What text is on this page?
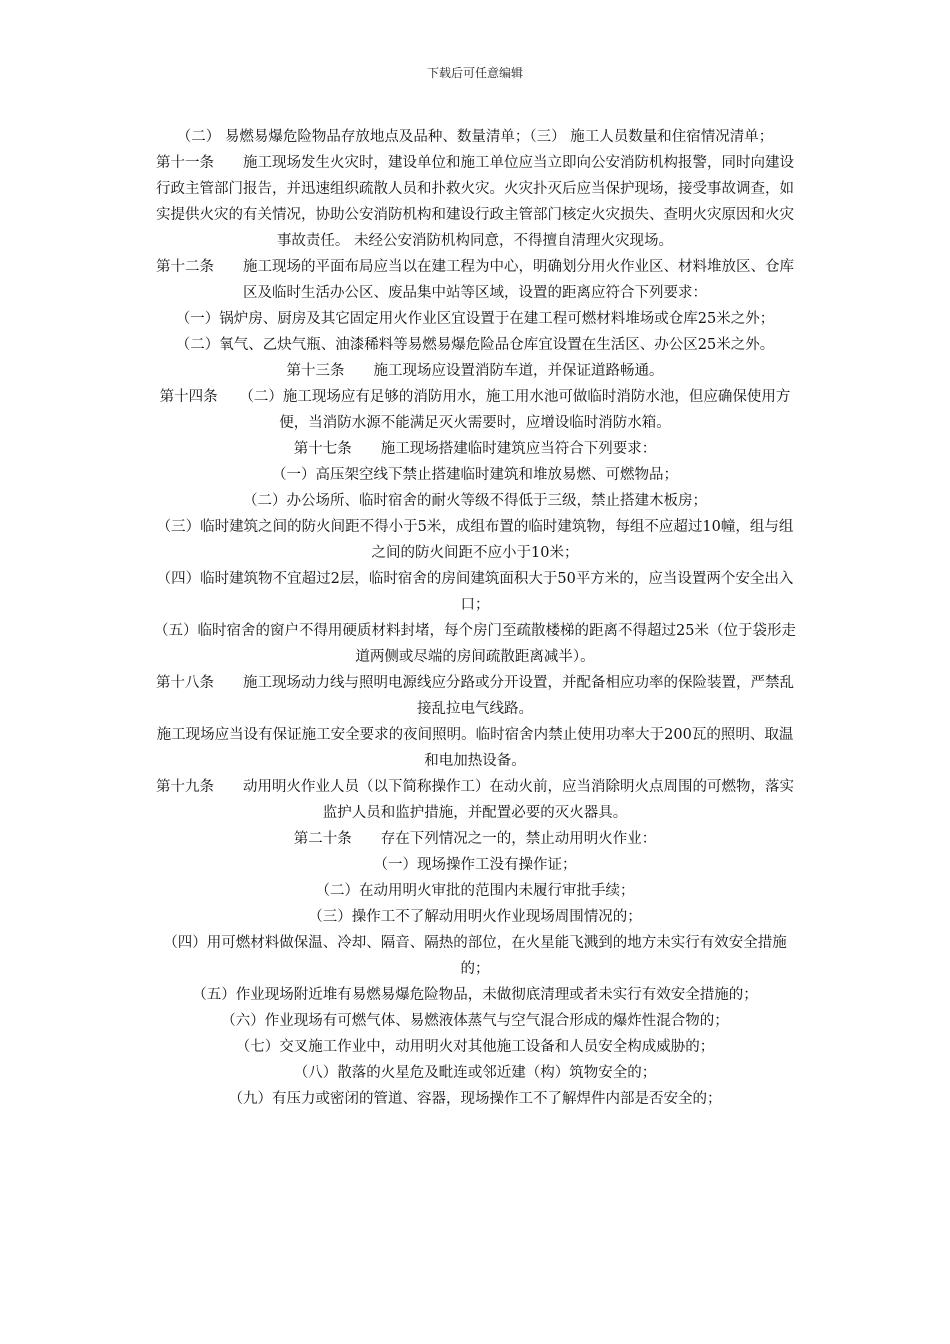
下载后可任意编辑

（二） 易燃易爆危险物品存放地点及品种、数量清单；（三） 施工人员数量和住宿情况清单；

第十一条　　施工现场发生火灾时，建设单位和施工单位应当立即向公安消防机构报警，同时向建设行政主管部门报告，并迅速组织疏散人员和扑救火灾。火灾扑灭后应当保护现场，接受事故调查，如实提供火灾的有关情况，协助公安消防机构和建设行政主管部门核定火灾损失、查明火灾原因和火灾事故责任。 未经公安消防机构同意，不得擅自清理火灾现场。

第十二条　　施工现场的平面布局应当以在建工程为中心，明确划分用火作业区、材料堆放区、仓库区及临时生活办公区、废品集中站等区域，设置的距离应符合下列要求：

（一）锅炉房、厨房及其它固定用火作业区宜设置于在建工程可燃材料堆场或仓库25米之外；

（二）氧气、乙炔气瓶、油漆稀料等易燃易爆危险品仓库宜设置在生活区、办公区25米之外。

第十三条　　施工现场应设置消防车道，并保证道路畅通。

第十四条　　（二）施工现场应有足够的消防用水，施工用水池可做临时消防水池，但应确保使用方便，当消防水源不能满足灭火需要时，应增设临时消防水箱。

第十七条　　施工现场搭建临时建筑应当符合下列要求：

（一）高压架空线下禁止搭建临时建筑和堆放易燃、可燃物品；

（二）办公场所、临时宿舍的耐火等级不得低于三级，禁止搭建木板房；

（三）临时建筑之间的防火间距不得小于5米，成组布置的临时建筑物，每组不应超过10幢，组与组之间的防火间距不应小于10米；

（四）临时建筑物不宜超过2层，临时宿舍的房间建筑面积大于50平方米的，应当设置两个安全出入口；

（五）临时宿舍的窗户不得用硬质材料封堵，每个房门至疏散楼梯的距离不得超过25米（位于袋形走道两侧或尽端的房间疏散距离减半）。

第十八条　　施工现场动力线与照明电源线应分路或分开设置，并配备相应功率的保险装置，严禁乱接乱拉电气线路。

施工现场应当设有保证施工安全要求的夜间照明。临时宿舍内禁止使用功率大于200瓦的照明、取温和电加热设备。

第十九条　　动用明火作业人员（以下简称操作工）在动火前，应当消除明火点周围的可燃物，落实监护人员和监护措施，并配置必要的灭火器具。

第二十条　　存在下列情况之一的，禁止动用明火作业：

（一）现场操作工没有操作证；

（二）在动用明火审批的范围内未履行审批手续；

（三）操作工不了解动用明火作业现场周围情况的；

（四）用可燃材料做保温、冷却、隔音、隔热的部位，在火星能飞溅到的地方未实行有效安全措施的；

（五）作业现场附近堆有易燃易爆危险物品，未做彻底清理或者未实行有效安全措施的；

（六）作业现场有可燃气体、易燃液体蒸气与空气混合形成的爆炸性混合物的；

（七）交叉施工作业中，动用明火对其他施工设备和人员安全构成威胁的；

（八）散落的火星危及毗连或邻近建（构）筑物安全的；

（九）有压力或密闭的管道、容器，现场操作工不了解焊件内部是否安全的；
